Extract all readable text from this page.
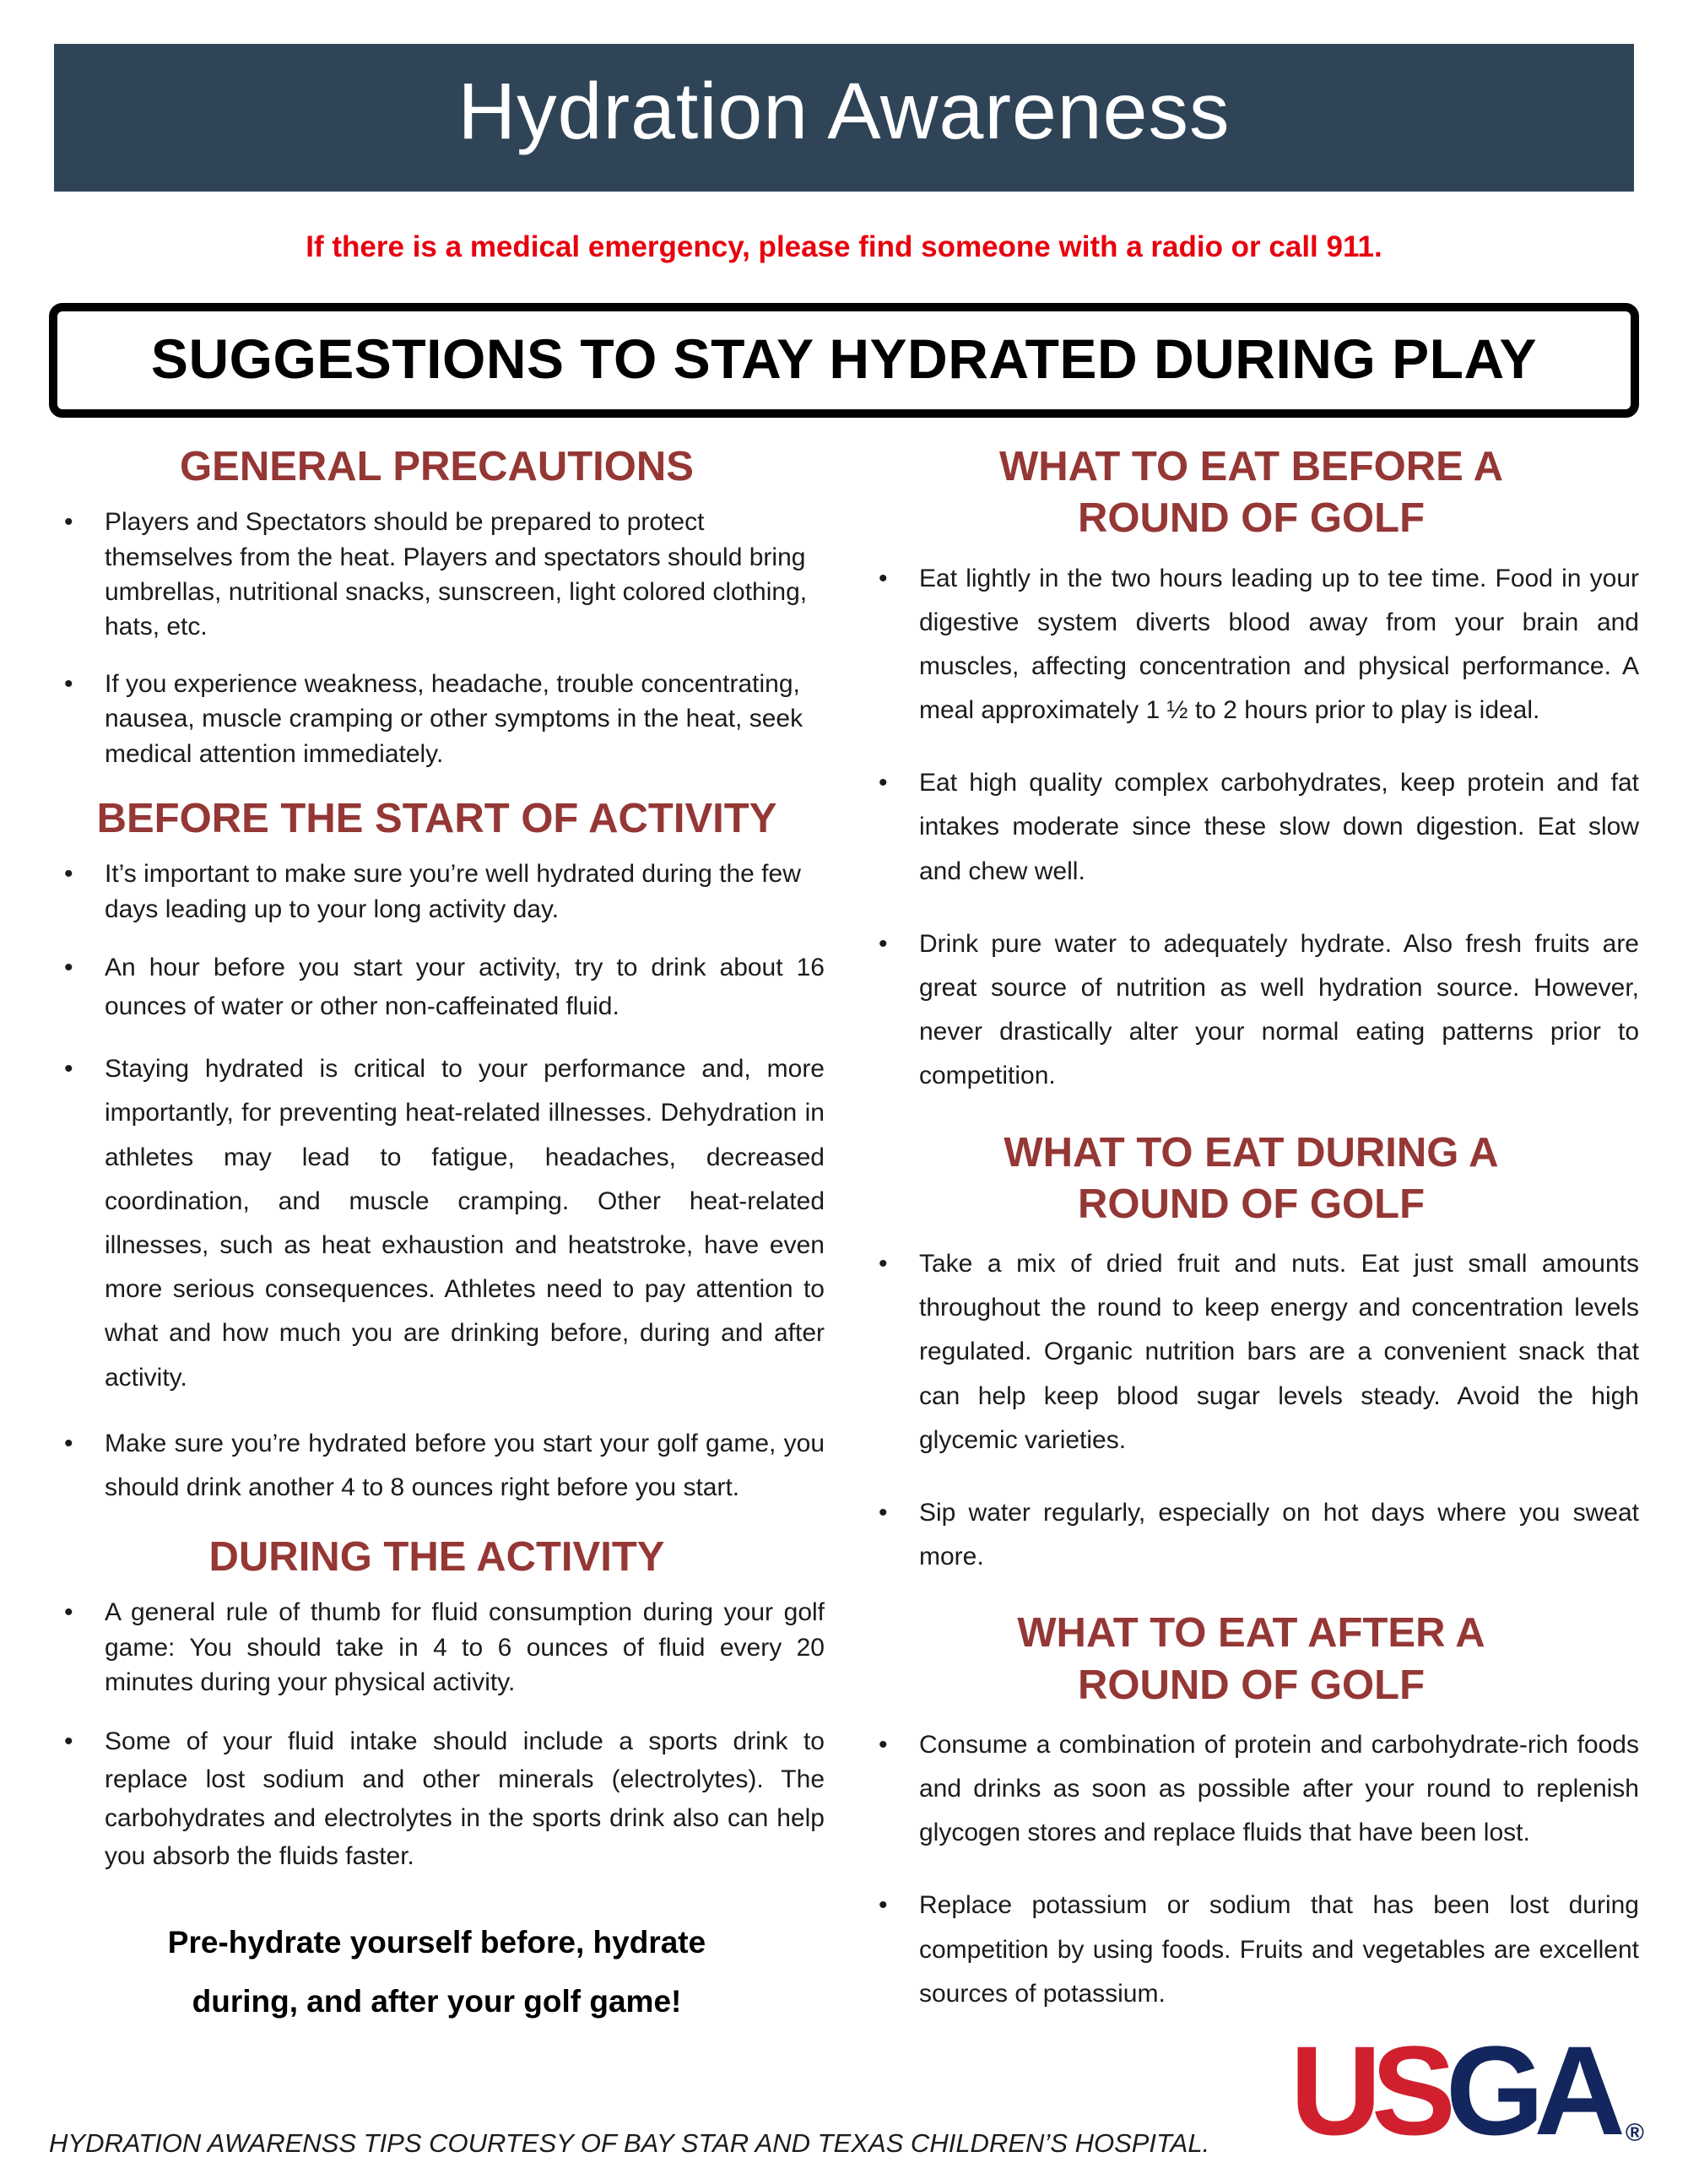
Hydration Awareness

If there is a medical emergency, please find someone with a radio or call 911.

SUGGESTIONS TO STAY HYDRATED DURING PLAY
GENERAL PRECAUTIONS
• Players and Spectators should be prepared to protect themselves from the heat. Players and spectators should bring umbrellas, nutritional snacks, sunscreen, light colored clothing, hats, etc.
• If you experience weakness, headache, trouble concentrating, nausea, muscle cramping or other symptoms in the heat, seek medical attention immediately.
BEFORE THE START OF ACTIVITY
• It’s important to make sure you’re well hydrated during the few days leading up to your long activity day.
• An hour before you start your activity, try to drink about 16 ounces of water or other non-caffeinated fluid.
• Staying hydrated is critical to your performance and, more importantly, for preventing heat-related illnesses. Dehydration in athletes may lead to fatigue, headaches, decreased coordination, and muscle cramping. Other heat-related illnesses, such as heat exhaustion and heatstroke, have even more serious consequences. Athletes need to pay attention to what and how much you are drinking before, during and after activity.
• Make sure you’re hydrated before you start your golf game, you should drink another 4 to 8 ounces right before you start.
DURING THE ACTIVITY
• A general rule of thumb for fluid consumption during your golf game: You should take in 4 to 6 ounces of fluid every 20 minutes during your physical activity.
• Some of your fluid intake should include a sports drink to replace lost sodium and other minerals (electrolytes). The carbohydrates and electrolytes in the sports drink also can help you absorb the fluids faster.

Pre-hydrate yourself before, hydrate during, and after your golf game!

WHAT TO EAT BEFORE A ROUND OF GOLF
• Eat lightly in the two hours leading up to tee time. Food in your digestive system diverts blood away from your brain and muscles, affecting concentration and physical performance. A meal approximately 1 ½ to 2 hours prior to play is ideal.
• Eat high quality complex carbohydrates, keep protein and fat intakes moderate since these slow down digestion. Eat slow and chew well.
• Drink pure water to adequately hydrate. Also fresh fruits are great source of nutrition as well hydration source. However, never drastically alter your normal eating patterns prior to competition.
WHAT TO EAT DURING A ROUND OF GOLF
• Take a mix of dried fruit and nuts. Eat just small amounts throughout the round to keep energy and concentration levels regulated. Organic nutrition bars are a convenient snack that can help keep blood sugar levels steady. Avoid the high glycemic varieties.
• Sip water regularly, especially on hot days where you sweat more.
WHAT TO EAT AFTER A ROUND OF GOLF
• Consume a combination of protein and carbohydrate-rich foods and drinks as soon as possible after your round to replenish glycogen stores and replace fluids that have been lost.
• Replace potassium or sodium that has been lost during competition by using foods. Fruits and vegetables are excellent sources of potassium.

HYDRATION AWARENSS TIPS COURTESY OF BAY STAR AND TEXAS CHILDREN’S HOSPITAL. USGA ®
